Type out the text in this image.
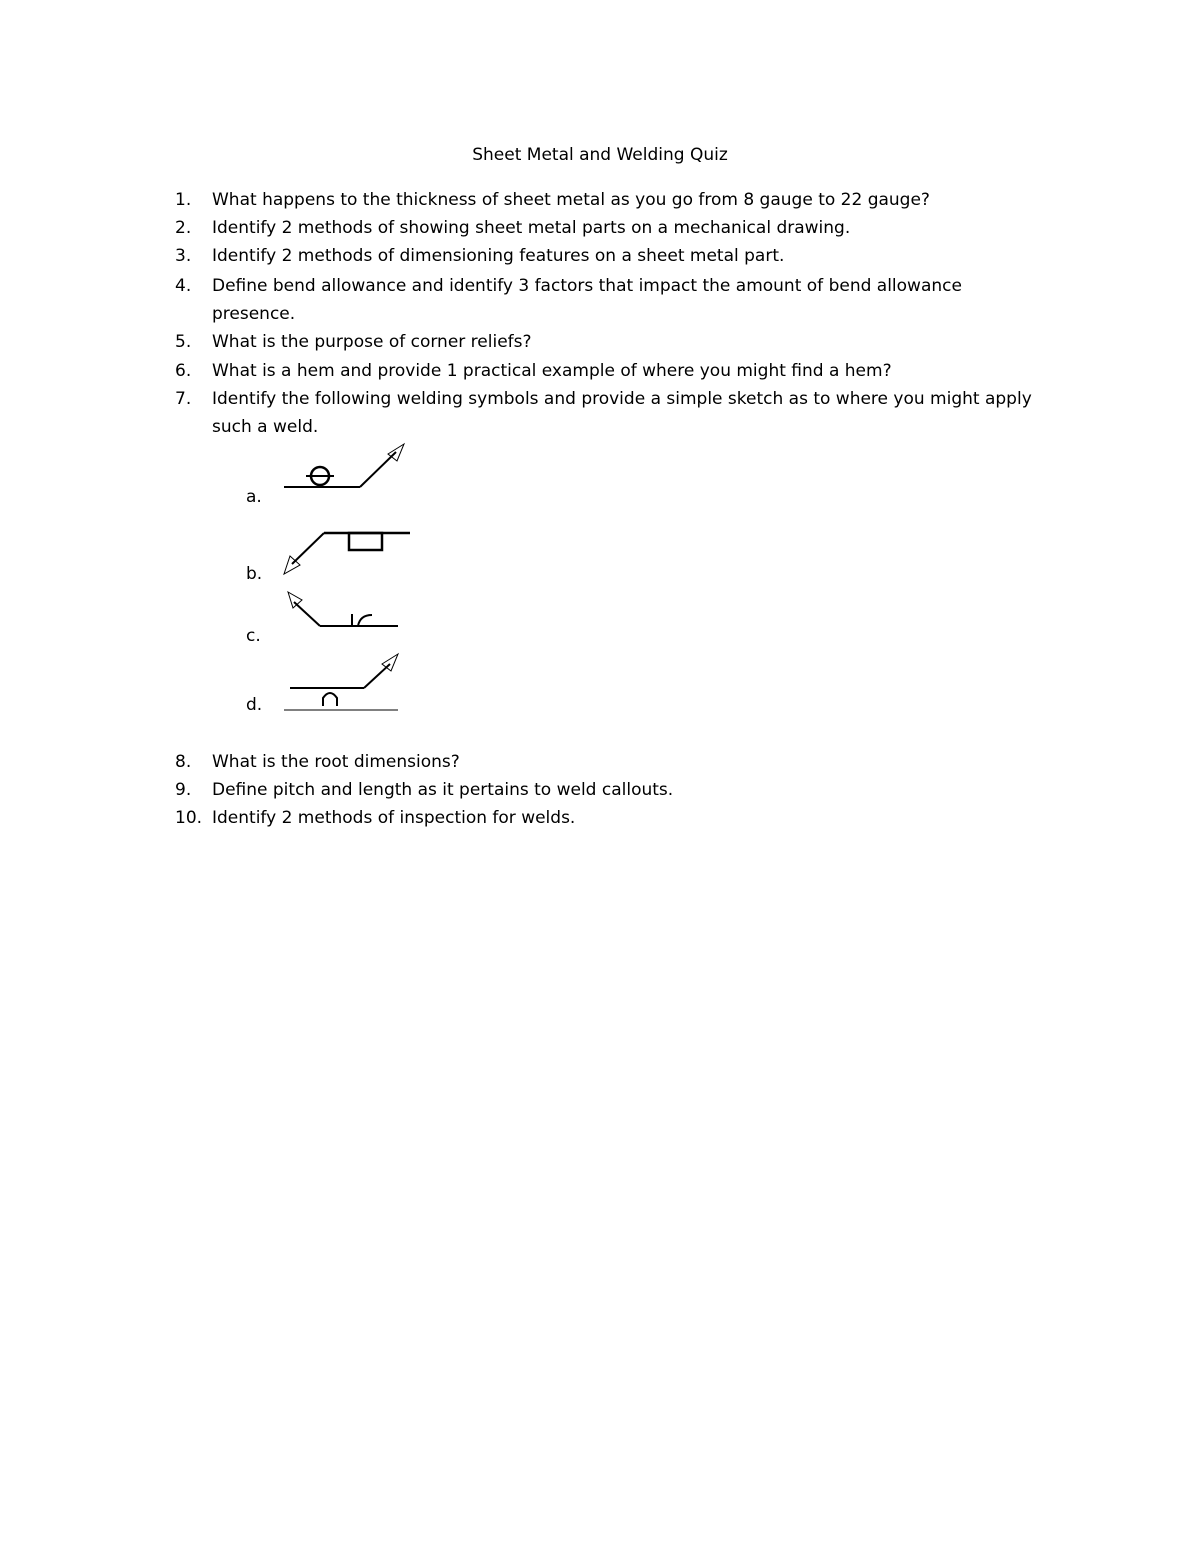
Sheet Metal and Welding Quiz
1.	What happens to the thickness of sheet metal as you go from 8 gauge to 22 gauge?
2.	Identify 2 methods of showing sheet metal parts on a mechanical drawing.
3.	Identify 2 methods of dimensioning features on a sheet metal part.
4.	Define bend allowance and identify 3 factors that impact the amount of bend allowance
presence.
5.	What is the purpose of corner reliefs?
6.	What is a hem and provide 1 practical example of where you might find a hem?
7.	Identify the following welding symbols and provide a simple sketch as to where you might apply
such a weld.
a.
b.
c.
d.
8.	What is the root dimensions?
9.	Define pitch and length as it pertains to weld callouts.
10. Identify 2 methods of inspection for welds.
